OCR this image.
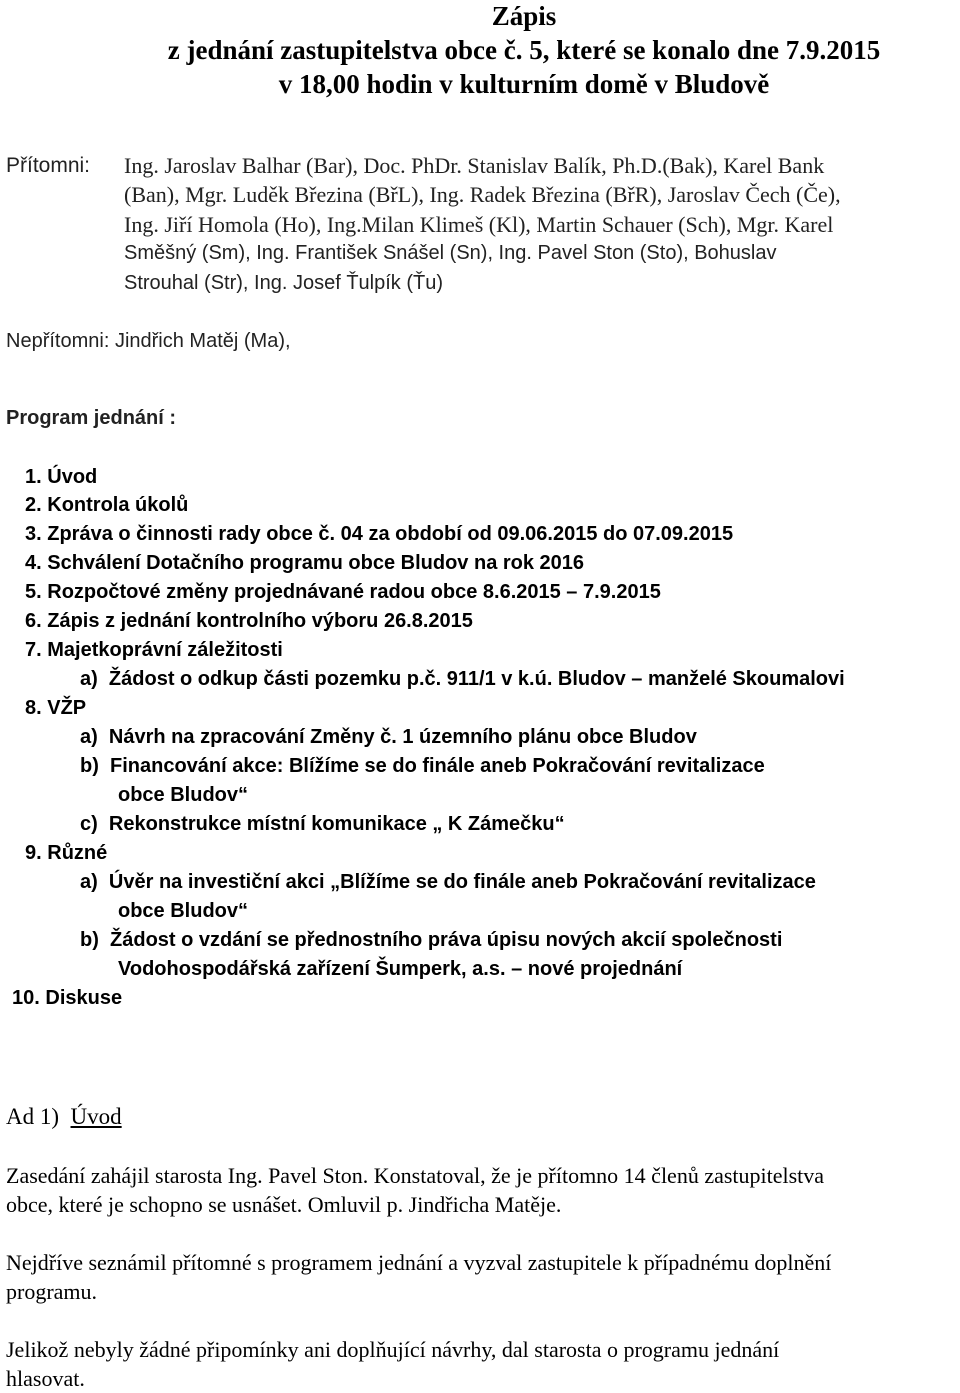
Zápis
z jednání zastupitelstva obce č. 5, které se konalo dne 7.9.2015
v 18,00 hodin v kulturním domě v Bludově
Přítomni: Ing. Jaroslav Balhar (Bar), Doc. PhDr. Stanislav Balík, Ph.D.(Bak), Karel Bank
(Ban), Mgr. Luděk Březina (BřL), Ing. Radek Březina (BřR), Jaroslav Čech (Če),
Ing. Jiří Homola (Ho), Ing.Milan Klimeš (Kl), Martin Schauer (Sch), Mgr. Karel
Směšný (Sm), Ing. František Snášel (Sn), Ing. Pavel Ston (Sto), Bohuslav
Strouhal (Str), Ing. Josef Ťulpík (Ťu)
Nepřítomni: Jindřich Matěj (Ma),
Program jednání :
1. Úvod
2. Kontrola úkolů
3. Zpráva o činnosti rady obce č. 04 za období od 09.06.2015 do 07.09.2015
4. Schválení Dotačního programu obce Bludov na rok 2016
5. Rozpočtové změny projednávané radou obce 8.6.2015 – 7.9.2015
6. Zápis z jednání kontrolního výboru 26.8.2015
7. Majetkoprávní záležitosti
a) Žádost o odkup části pozemku p.č. 911/1 v k.ú. Bludov – manželé Skoumalovi
8. VŽP
a) Návrh na zpracování Změny č. 1 územního plánu obce Bludov
b) Financování akce: Blížíme se do finále aneb Pokračování revitalizace
obce Bludov“
c) Rekonstrukce místní komunikace „ K Zámečku“
9. Různé
a) Úvěr na investiční akci „Blížíme se do finále aneb Pokračování revitalizace
obce Bludov“
b) Žádost o vzdání se přednostního práva úpisu nových akcií společnosti
Vodohospodářská zařízení Šumperk, a.s. – nové projednání
10. Diskuse
Ad 1) Úvod
Zasedání zahájil starosta Ing. Pavel Ston. Konstatoval, že je přítomno 14 členů zastupitelstva
obce, které je schopno se usnášet. Omluvil p. Jindřicha Matěje.
Nejdříve seznámil přítomné s programem jednání a vyzval zastupitele k případnému doplnění
programu.
Jelikož nebyly žádné připomínky ani doplňující návrhy, dal starosta o programu jednání
hlasovat.
